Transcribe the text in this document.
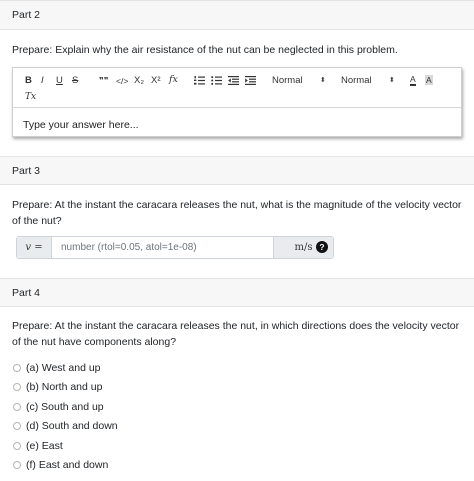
Part 2
Prepare: Explain why the air resistance of the nut can be neglected in this problem.
B I U S	❞❞ </> X₂ X² fx	Normal ⬍ Normal ⬍ A A
Tx
Type your answer here...
Part 3
Prepare: At the instant the caracara releases the nut, what is the magnitude of the velocity vector of the nut?
v =
number (rtol=0.05, atol=1e-08)	m/s ?
Part 4
Prepare: At the instant the caracara releases the nut, in which directions does the velocity vector of the nut have components along?
(a) West and up
(b) North and up
(c) South and up
(d) South and down
(e) East
(f) East and down
